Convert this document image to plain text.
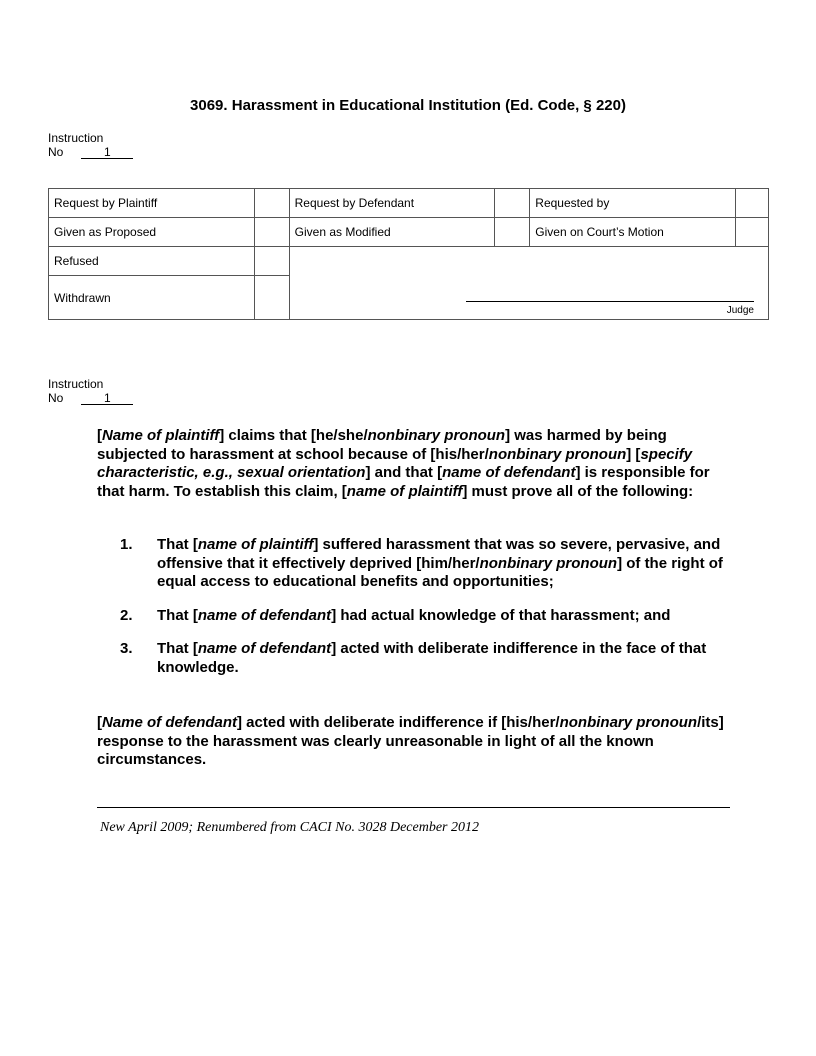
3069. Harassment in Educational Institution (Ed. Code, § 220)
Instruction
No	1
Request by Plaintiff		Request by Defendant		Requested by	
Given as Proposed		Given as Modified		Given on Court’s Motion	
Refused		Judge			

Withdrawn					
Instruction
No	1
[Name of plaintiff] claims that [he/she/nonbinary pronoun] was harmed by being subjected to harassment at school because of [his/her/nonbinary pronoun] [specify characteristic, e.g., sexual orientation] and that [name of defendant] is responsible for that harm. To establish this claim, [name of plaintiff] must prove all of the following:
1. That [name of plaintiff] suffered harassment that was so severe, pervasive, and offensive that it effectively deprived [him/her/nonbinary pronoun] of the right of equal access to educational benefits and opportunities;
2. That [name of defendant] had actual knowledge of that harassment; and
3. That [name of defendant] acted with deliberate indifference in the face of that knowledge.
[Name of defendant] acted with deliberate indifference if [his/her/nonbinary pronoun/its] response to the harassment was clearly unreasonable in light of all the known circumstances.
New April 2009; Renumbered from CACI No. 3028 December 2012
